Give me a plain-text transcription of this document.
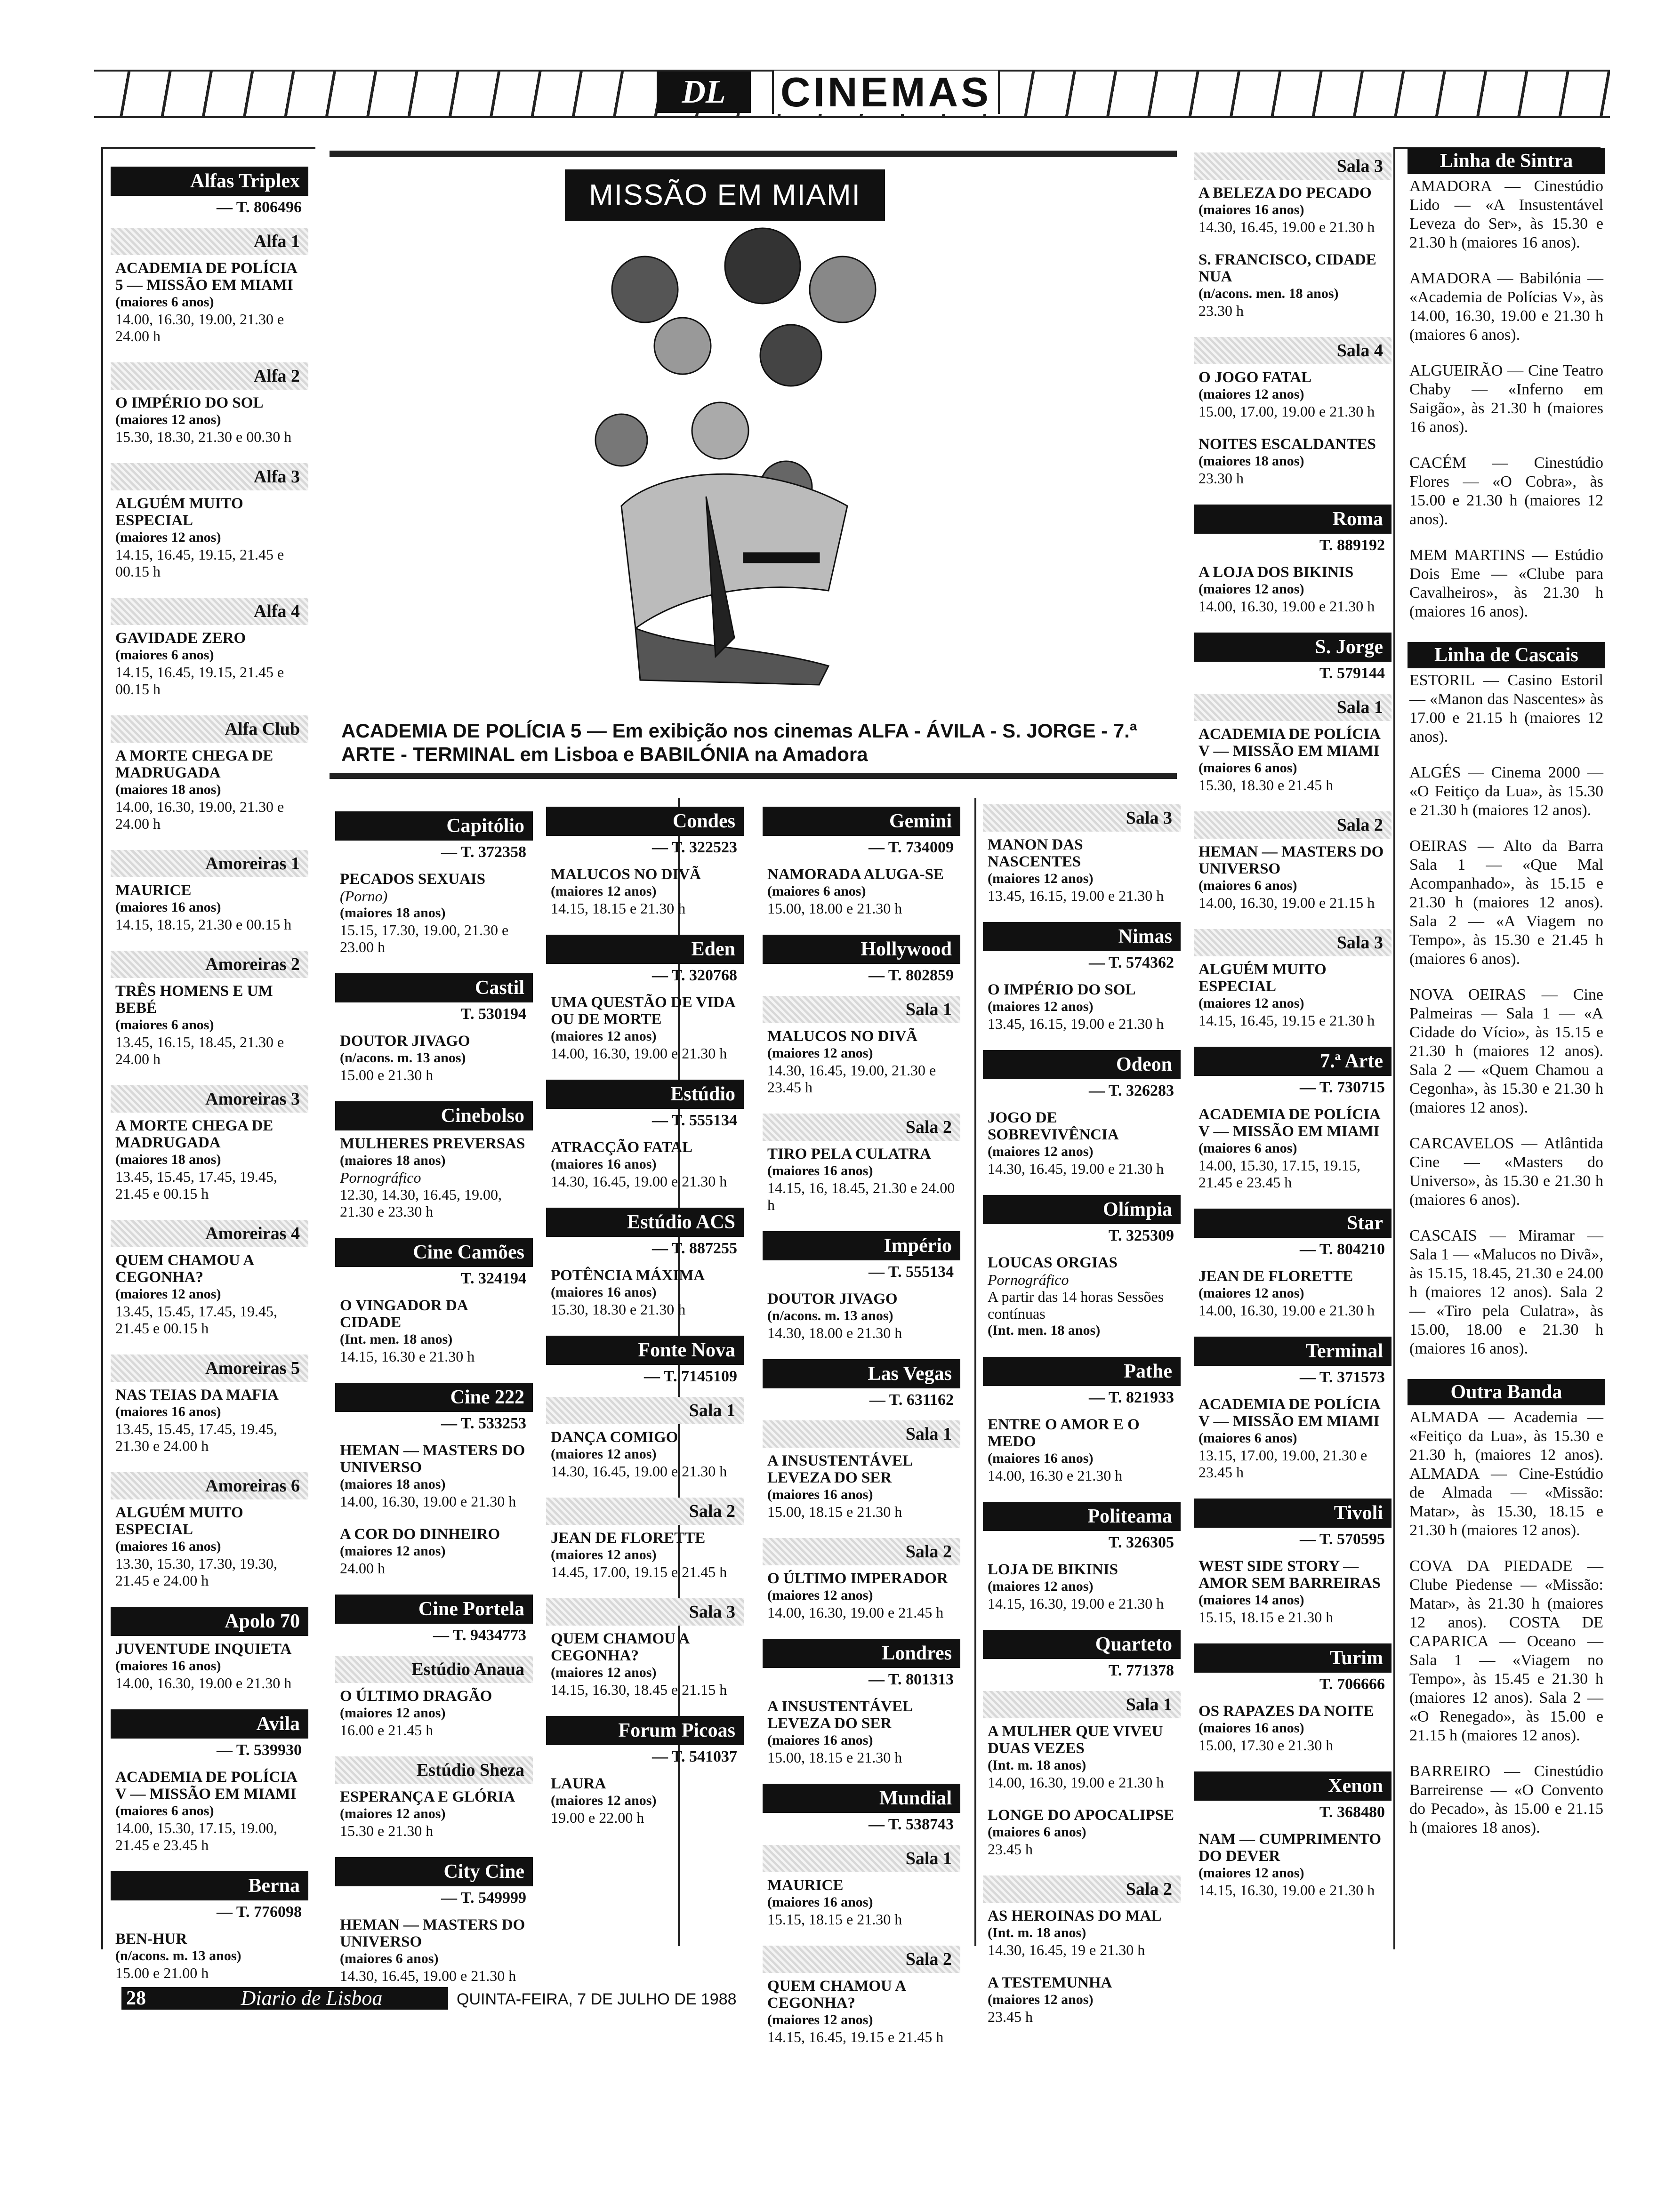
DL	C I N E M A S
MISSÃO EM MIAMI
ACADEMIA DE POLÍCIA 5 — Em exibição nos cinemas ALFA - ÁVILA - S. JORGE - 7.ª ARTE - TERMINAL em Lisboa e BABILÓNIA na Amadora
Alfas Triplex
— T. 806496
Alfa 1
ACADEMIA DE POLÍCIA 5 — MISSÃO EM MIAMI
(maiores 6 anos)
14.00, 16.30, 19.00, 21.30 e 24.00 h
Alfa 2
O IMPÉRIO DO SOL
(maiores 12 anos)
15.30, 18.30, 21.30 e 00.30 h
Alfa 3
ALGUÉM MUITO ESPECIAL
(maiores 12 anos)
14.15, 16.45, 19.15, 21.45 e 00.15 h
Alfa 4
GAVIDADE ZERO
(maiores 6 anos)
14.15, 16.45, 19.15, 21.45 e 00.15 h
Alfa Club
A MORTE CHEGA DE MADRUGADA
(maiores 18 anos)
14.00, 16.30, 19.00, 21.30 e 24.00 h
Amoreiras 1
MAURICE
(maiores 16 anos)
14.15, 18.15, 21.30 e 00.15 h
Amoreiras 2
TRÊS HOMENS E UM BEBÉ
(maiores 6 anos)
13.45, 16.15, 18.45, 21.30 e 24.00 h
Amoreiras 3
A MORTE CHEGA DE MADRUGADA
(maiores 18 anos)
13.45, 15.45, 17.45, 19.45, 21.45 e 00.15 h
Amoreiras 4
QUEM CHAMOU A CEGONHA?
(maiores 12 anos)
13.45, 15.45, 17.45, 19.45, 21.45 e 00.15 h
Amoreiras 5
NAS TEIAS DA MAFIA
(maiores 16 anos)
13.45, 15.45, 17.45, 19.45, 21.30 e 24.00 h
Amoreiras 6
ALGUÉM MUITO ESPECIAL
(maiores 16 anos)
13.30, 15.30, 17.30, 19.30, 21.45 e 24.00 h
Apolo 70
JUVENTUDE INQUIETA
(maiores 16 anos)
14.00, 16.30, 19.00 e 21.30 h
Avila
— T. 539930
ACADEMIA DE POLÍCIA V — MISSÃO EM MIAMI
(maiores 6 anos)
14.00, 15.30, 17.15, 19.00, 21.45 e 23.45 h
Berna
— T. 776098
BEN-HUR
(n/acons. m. 13 anos)
15.00 e 21.00 h
Capitólio
— T. 372358
PECADOS SEXUAIS
(Porno)
(maiores 18 anos)
15.15, 17.30, 19.00, 21.30 e 23.00 h
Castil
T. 530194
DOUTOR JIVAGO
(n/acons. m. 13 anos)
15.00 e 21.30 h
Cinebolso
MULHERES PREVERSAS
(maiores 18 anos)
Pornográfico
12.30, 14.30, 16.45, 19.00, 21.30 e 23.30 h
Cine Camões
T. 324194
O VINGADOR DA CIDADE
(Int. men. 18 anos)
14.15, 16.30 e 21.30 h
Cine 222
— T. 533253
HEMAN — MASTERS DO UNIVERSO
(maiores 18 anos)
14.00, 16.30, 19.00 e 21.30 h
A COR DO DINHEIRO
(maiores 12 anos)
24.00 h
Cine Portela
— T. 9434773
Estúdio Anaua
O ÚLTIMO DRAGÃO
(maiores 12 anos)
16.00 e 21.45 h
Estúdio Sheza
ESPERANÇA E GLÓRIA
(maiores 12 anos)
15.30 e 21.30 h
City Cine
— T. 549999
HEMAN — MASTERS DO UNIVERSO
(maiores 6 anos)
14.30, 16.45, 19.00 e 21.30 h
Condes
— T. 322523
MALUCOS NO DIVÃ
(maiores 12 anos)
14.15, 18.15 e 21.30 h
Eden
— T. 320768
UMA QUESTÃO DE VIDA OU DE MORTE
(maiores 12 anos)
14.00, 16.30, 19.00 e 21.30 h
Estúdio
— T. 555134
ATRACÇÃO FATAL
(maiores 16 anos)
14.30, 16.45, 19.00 e 21.30 h
Estúdio ACS
— T. 887255
POTÊNCIA MÁXIMA
(maiores 16 anos)
15.30, 18.30 e 21.30 h
Fonte Nova
— T. 7145109
Sala 1
DANÇA COMIGO
(maiores 12 anos)
14.30, 16.45, 19.00 e 21.30 h
Sala 2
JEAN DE FLORETTE
(maiores 12 anos)
14.45, 17.00, 19.15 e 21.45 h
Sala 3
QUEM CHAMOU A CEGONHA?
(maiores 12 anos)
14.15, 16.30, 18.45 e 21.15 h
Forum Picoas
— T. 541037
LAURA
(maiores 12 anos)
19.00 e 22.00 h
Gemini
— T. 734009
NAMORADA ALUGA-SE
(maiores 6 anos)
15.00, 18.00 e 21.30 h
Hollywood
— T. 802859
Sala 1
MALUCOS NO DIVÃ
(maiores 12 anos)
14.30, 16.45, 19.00, 21.30 e 23.45 h
Sala 2
TIRO PELA CULATRA
(maiores 16 anos)
14.15, 16, 18.45, 21.30 e 24.00 h
Império
— T. 555134
DOUTOR JIVAGO
(n/acons. m. 13 anos)
14.30, 18.00 e 21.30 h
Las Vegas
— T. 631162
Sala 1
A INSUSTENTÁVEL LEVEZA DO SER
(maiores 16 anos)
15.00, 18.15 e 21.30 h
Sala 2
O ÚLTIMO IMPERADOR
(maiores 12 anos)
14.00, 16.30, 19.00 e 21.45 h
Londres
— T. 801313
A INSUSTENTÁVEL LEVEZA DO SER
(maiores 16 anos)
15.00, 18.15 e 21.30 h
Mundial
— T. 538743
Sala 1
MAURICE
(maiores 16 anos)
15.15, 18.15 e 21.30 h
Sala 2
QUEM CHAMOU A CEGONHA?
(maiores 12 anos)
14.15, 16.45, 19.15 e 21.45 h
Sala 3
MANON DAS NASCENTES
(maiores 12 anos)
13.45, 16.15, 19.00 e 21.30 h
Nimas
— T. 574362
O IMPÉRIO DO SOL
(maiores 12 anos)
13.45, 16.15, 19.00 e 21.30 h
Odeon
— T. 326283
JOGO DE SOBREVIVÊNCIA
(maiores 12 anos)
14.30, 16.45, 19.00 e 21.30 h
Olímpia
T. 325309
LOUCAS ORGIAS
Pornográfico
A partir das 14 horas Sessões contínuas
(Int. men. 18 anos)
Pathe
— T. 821933
ENTRE O AMOR E O MEDO
(maiores 16 anos)
14.00, 16.30 e 21.30 h
Politeama
T. 326305
LOJA DE BIKINIS
(maiores 12 anos)
14.15, 16.30, 19.00 e 21.30 h
Quarteto
T. 771378
Sala 1
A MULHER QUE VIVEU DUAS VEZES
(Int. m. 18 anos)
14.00, 16.30, 19.00 e 21.30 h
LONGE DO APOCALIPSE
(maiores 6 anos)
23.45 h
Sala 2
AS HEROINAS DO MAL
(Int. m. 18 anos)
14.30, 16.45, 19 e 21.30 h
A TESTEMUNHA
(maiores 12 anos)
23.45 h
Sala 3
A BELEZA DO PECADO
(maiores 16 anos)
14.30, 16.45, 19.00 e 21.30 h
S. FRANCISCO, CIDADE NUA
(n/acons. men. 18 anos)
23.30 h
Sala 4
O JOGO FATAL
(maiores 12 anos)
15.00, 17.00, 19.00 e 21.30 h
NOITES ESCALDANTES
(maiores 18 anos)
23.30 h
Roma
T. 889192
A LOJA DOS BIKINIS
(maiores 12 anos)
14.00, 16.30, 19.00 e 21.30 h
S. Jorge
T. 579144
Sala 1
ACADEMIA DE POLÍCIA V — MISSÃO EM MIAMI
(maiores 6 anos)
15.30, 18.30 e 21.45 h
Sala 2
HEMAN — MASTERS DO UNIVERSO
(maiores 6 anos)
14.00, 16.30, 19.00 e 21.15 h
Sala 3
ALGUÉM MUITO ESPECIAL
(maiores 12 anos)
14.15, 16.45, 19.15 e 21.30 h
7.ª Arte
— T. 730715
ACADEMIA DE POLÍCIA V — MISSÃO EM MIAMI
(maiores 6 anos)
14.00, 15.30, 17.15, 19.15, 21.45 e 23.45 h
Star
— T. 804210
JEAN DE FLORETTE
(maiores 12 anos)
14.00, 16.30, 19.00 e 21.30 h
Terminal
— T. 371573
ACADEMIA DE POLÍCIA V — MISSÃO EM MIAMI
(maiores 6 anos)
13.15, 17.00, 19.00, 21.30 e 23.45 h
Tivoli
— T. 570595
WEST SIDE STORY — AMOR SEM BARREIRAS
(maiores 14 anos)
15.15, 18.15 e 21.30 h
Turim
T. 706666
OS RAPAZES DA NOITE
(maiores 16 anos)
15.00, 17.30 e 21.30 h
Xenon
T. 368480
NAM — CUMPRIMENTO DO DEVER
(maiores 12 anos)
14.15, 16.30, 19.00 e 21.30 h
Linha de Sintra
AMADORA — Cinestúdio Lido — «A Insustentável Leveza do Ser», às 15.30 e 21.30 h (maiores 16 anos).
AMADORA — Babilónia — «Academia de Polícias V», às 14.00, 16.30, 19.00 e 21.30 h (maiores 6 anos).
ALGUEIRÃO — Cine Teatro Chaby — «Inferno em Saigão», às 21.30 h (maiores 16 anos).
CACÉM — Cinestúdio Flores — «O Cobra», às 15.00 e 21.30 h (maiores 12 anos).
MEM MARTINS — Estúdio Dois Eme — «Clube para Cavalheiros», às 21.30 h (maiores 16 anos).
Linha de Cascais
ESTORIL — Casino Estoril — «Manon das Nascentes» às 17.00 e 21.15 h (maiores 12 anos).
ALGÉS — Cinema 2000 — «O Feitiço da Lua», às 15.30 e 21.30 h (maiores 12 anos).
OEIRAS — Alto da Barra Sala 1 — «Que Mal Acompanhado», às 15.15 e 21.30 h (maiores 12 anos). Sala 2 — «A Viagem no Tempo», às 15.30 e 21.45 h (maiores 6 anos).
NOVA OEIRAS — Cine Palmeiras — Sala 1 — «A Cidade do Vício», às 15.15 e 21.30 h (maiores 12 anos). Sala 2 — «Quem Chamou a Cegonha», às 15.30 e 21.30 h (maiores 12 anos).
CARCAVELOS — Atlântida Cine — «Masters do Universo», às 15.30 e 21.30 h (maiores 6 anos).
CASCAIS — Miramar — Sala 1 — «Malucos no Divã», às 15.15, 18.45, 21.30 e 24.00 h (maiores 12 anos). Sala 2 — «Tiro pela Culatra», às 15.00, 18.00 e 21.30 h (maiores 16 anos).
Outra Banda
ALMADA — Academia — «Feitiço da Lua», às 15.30 e 21.30 h, (maiores 12 anos). ALMADA — Cine-Estúdio de Almada — «Missão: Matar», às 15.30, 18.15 e 21.30 h (maiores 12 anos).
COVA DA PIEDADE — Clube Piedense — «Missão: Matar», às 21.30 h (maiores 12 anos). COSTA DE CAPARICA — Oceano — Sala 1 — «Viagem no Tempo», às 15.45 e 21.30 h (maiores 12 anos). Sala 2 — «O Renegado», às 15.00 e 21.15 h (maiores 12 anos).
BARREIRO — Cinestúdio Barreirense — «O Convento do Pecado», às 15.00 e 21.15 h (maiores 18 anos).
28	Diario de Lisboa	QUINTA-FEIRA, 7 DE JULHO DE 1988
